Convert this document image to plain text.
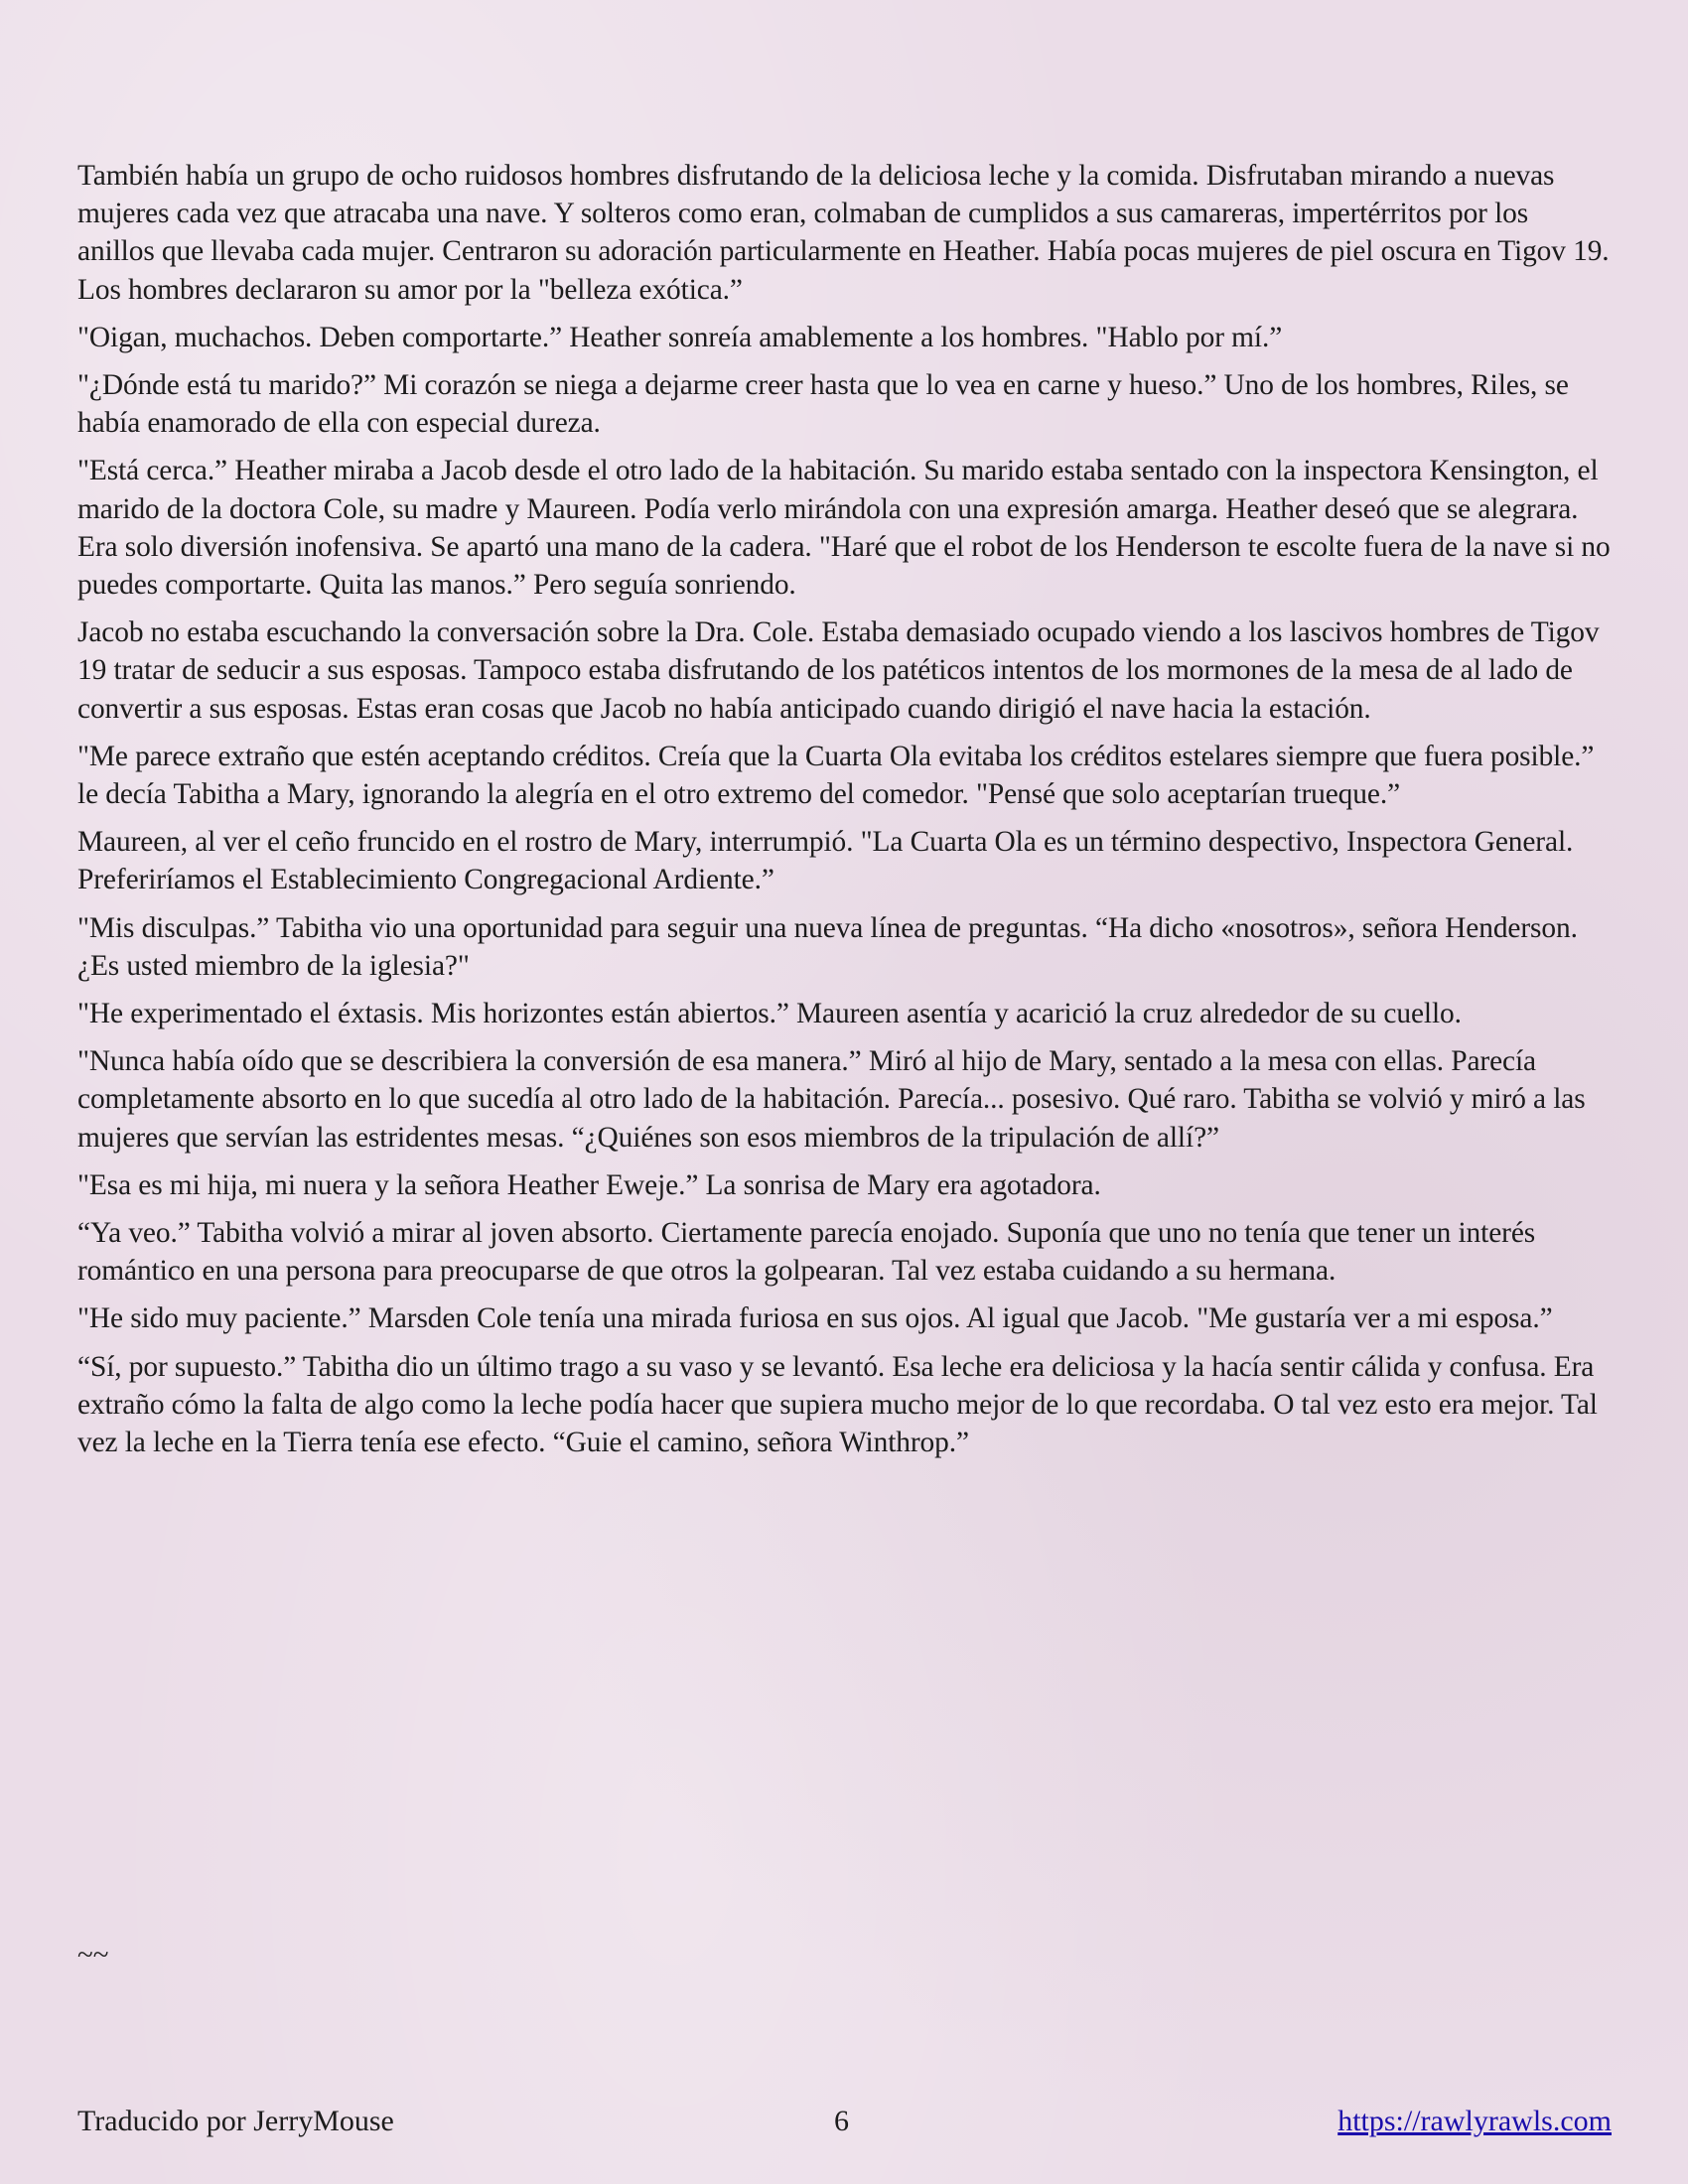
También había un grupo de ocho ruidosos hombres disfrutando de la deliciosa leche y la comida. Disfrutaban mirando a nuevas mujeres cada vez que atracaba una nave. Y solteros como eran, colmaban de cumplidos a sus camareras, impertérritos por los anillos que llevaba cada mujer. Centraron su adoración particularmente en Heather. Había pocas mujeres de piel oscura en Tigov 19. Los hombres declararon su amor por la "belleza exótica.”

"Oigan, muchachos. Deben comportarte.” Heather sonreía amablemente a los hombres. "Hablo por mí.”

"¿Dónde está tu marido?” Mi corazón se niega a dejarme creer hasta que lo vea en carne y hueso.” Uno de los hombres, Riles, se había enamorado de ella con especial dureza.

"Está cerca.” Heather miraba a Jacob desde el otro lado de la habitación. Su marido estaba sentado con la inspectora Kensington, el marido de la doctora Cole, su madre y Maureen. Podía verlo mirándola con una expresión amarga. Heather deseó que se alegrara. Era solo diversión inofensiva. Se apartó una mano de la cadera. "Haré que el robot de los Henderson te escolte fuera de la nave si no puedes comportarte. Quita las manos.” Pero seguía sonriendo.

Jacob no estaba escuchando la conversación sobre la Dra. Cole. Estaba demasiado ocupado viendo a los lascivos hombres de Tigov 19 tratar de seducir a sus esposas. Tampoco estaba disfrutando de los patéticos intentos de los mormones de la mesa de al lado de convertir a sus esposas. Estas eran cosas que Jacob no había anticipado cuando dirigió el nave hacia la estación.

"Me parece extraño que estén aceptando créditos. Creía que la Cuarta Ola evitaba los créditos estelares siempre que fuera posible.” le decía Tabitha a Mary, ignorando la alegría en el otro extremo del comedor. "Pensé que solo aceptarían trueque.”

Maureen, al ver el ceño fruncido en el rostro de Mary, interrumpió. "La Cuarta Ola es un término despectivo, Inspectora General. Preferiríamos el Establecimiento Congregacional Ardiente.”

"Mis disculpas.” Tabitha vio una oportunidad para seguir una nueva línea de preguntas. “Ha dicho «nosotros», señora Henderson. ¿Es usted miembro de la iglesia?"

"He experimentado el éxtasis. Mis horizontes están abiertos.” Maureen asentía y acarició la cruz alrededor de su cuello.

"Nunca había oído que se describiera la conversión de esa manera.” Miró al hijo de Mary, sentado a la mesa con ellas. Parecía completamente absorto en lo que sucedía al otro lado de la habitación. Parecía... posesivo. Qué raro. Tabitha se volvió y miró a las mujeres que servían las estridentes mesas. “¿Quiénes son esos miembros de la tripulación de allí?”

"Esa es mi hija, mi nuera y la señora Heather Eweje.” La sonrisa de Mary era agotadora.

“Ya veo.” Tabitha volvió a mirar al joven absorto. Ciertamente parecía enojado. Suponía que uno no tenía que tener un interés romántico en una persona para preocuparse de que otros la golpearan. Tal vez estaba cuidando a su hermana.

"He sido muy paciente.” Marsden Cole tenía una mirada furiosa en sus ojos. Al igual que Jacob. "Me gustaría ver a mi esposa.”

“Sí, por supuesto.” Tabitha dio un último trago a su vaso y se levantó. Esa leche era deliciosa y la hacía sentir cálida y confusa. Era extraño cómo la falta de algo como la leche podía hacer que supiera mucho mejor de lo que recordaba. O tal vez esto era mejor. Tal vez la leche en la Tierra tenía ese efecto. “Guie el camino, señora Winthrop.”

~~

Traducido por JerryMouse	6	https://rawlyrawls.com
